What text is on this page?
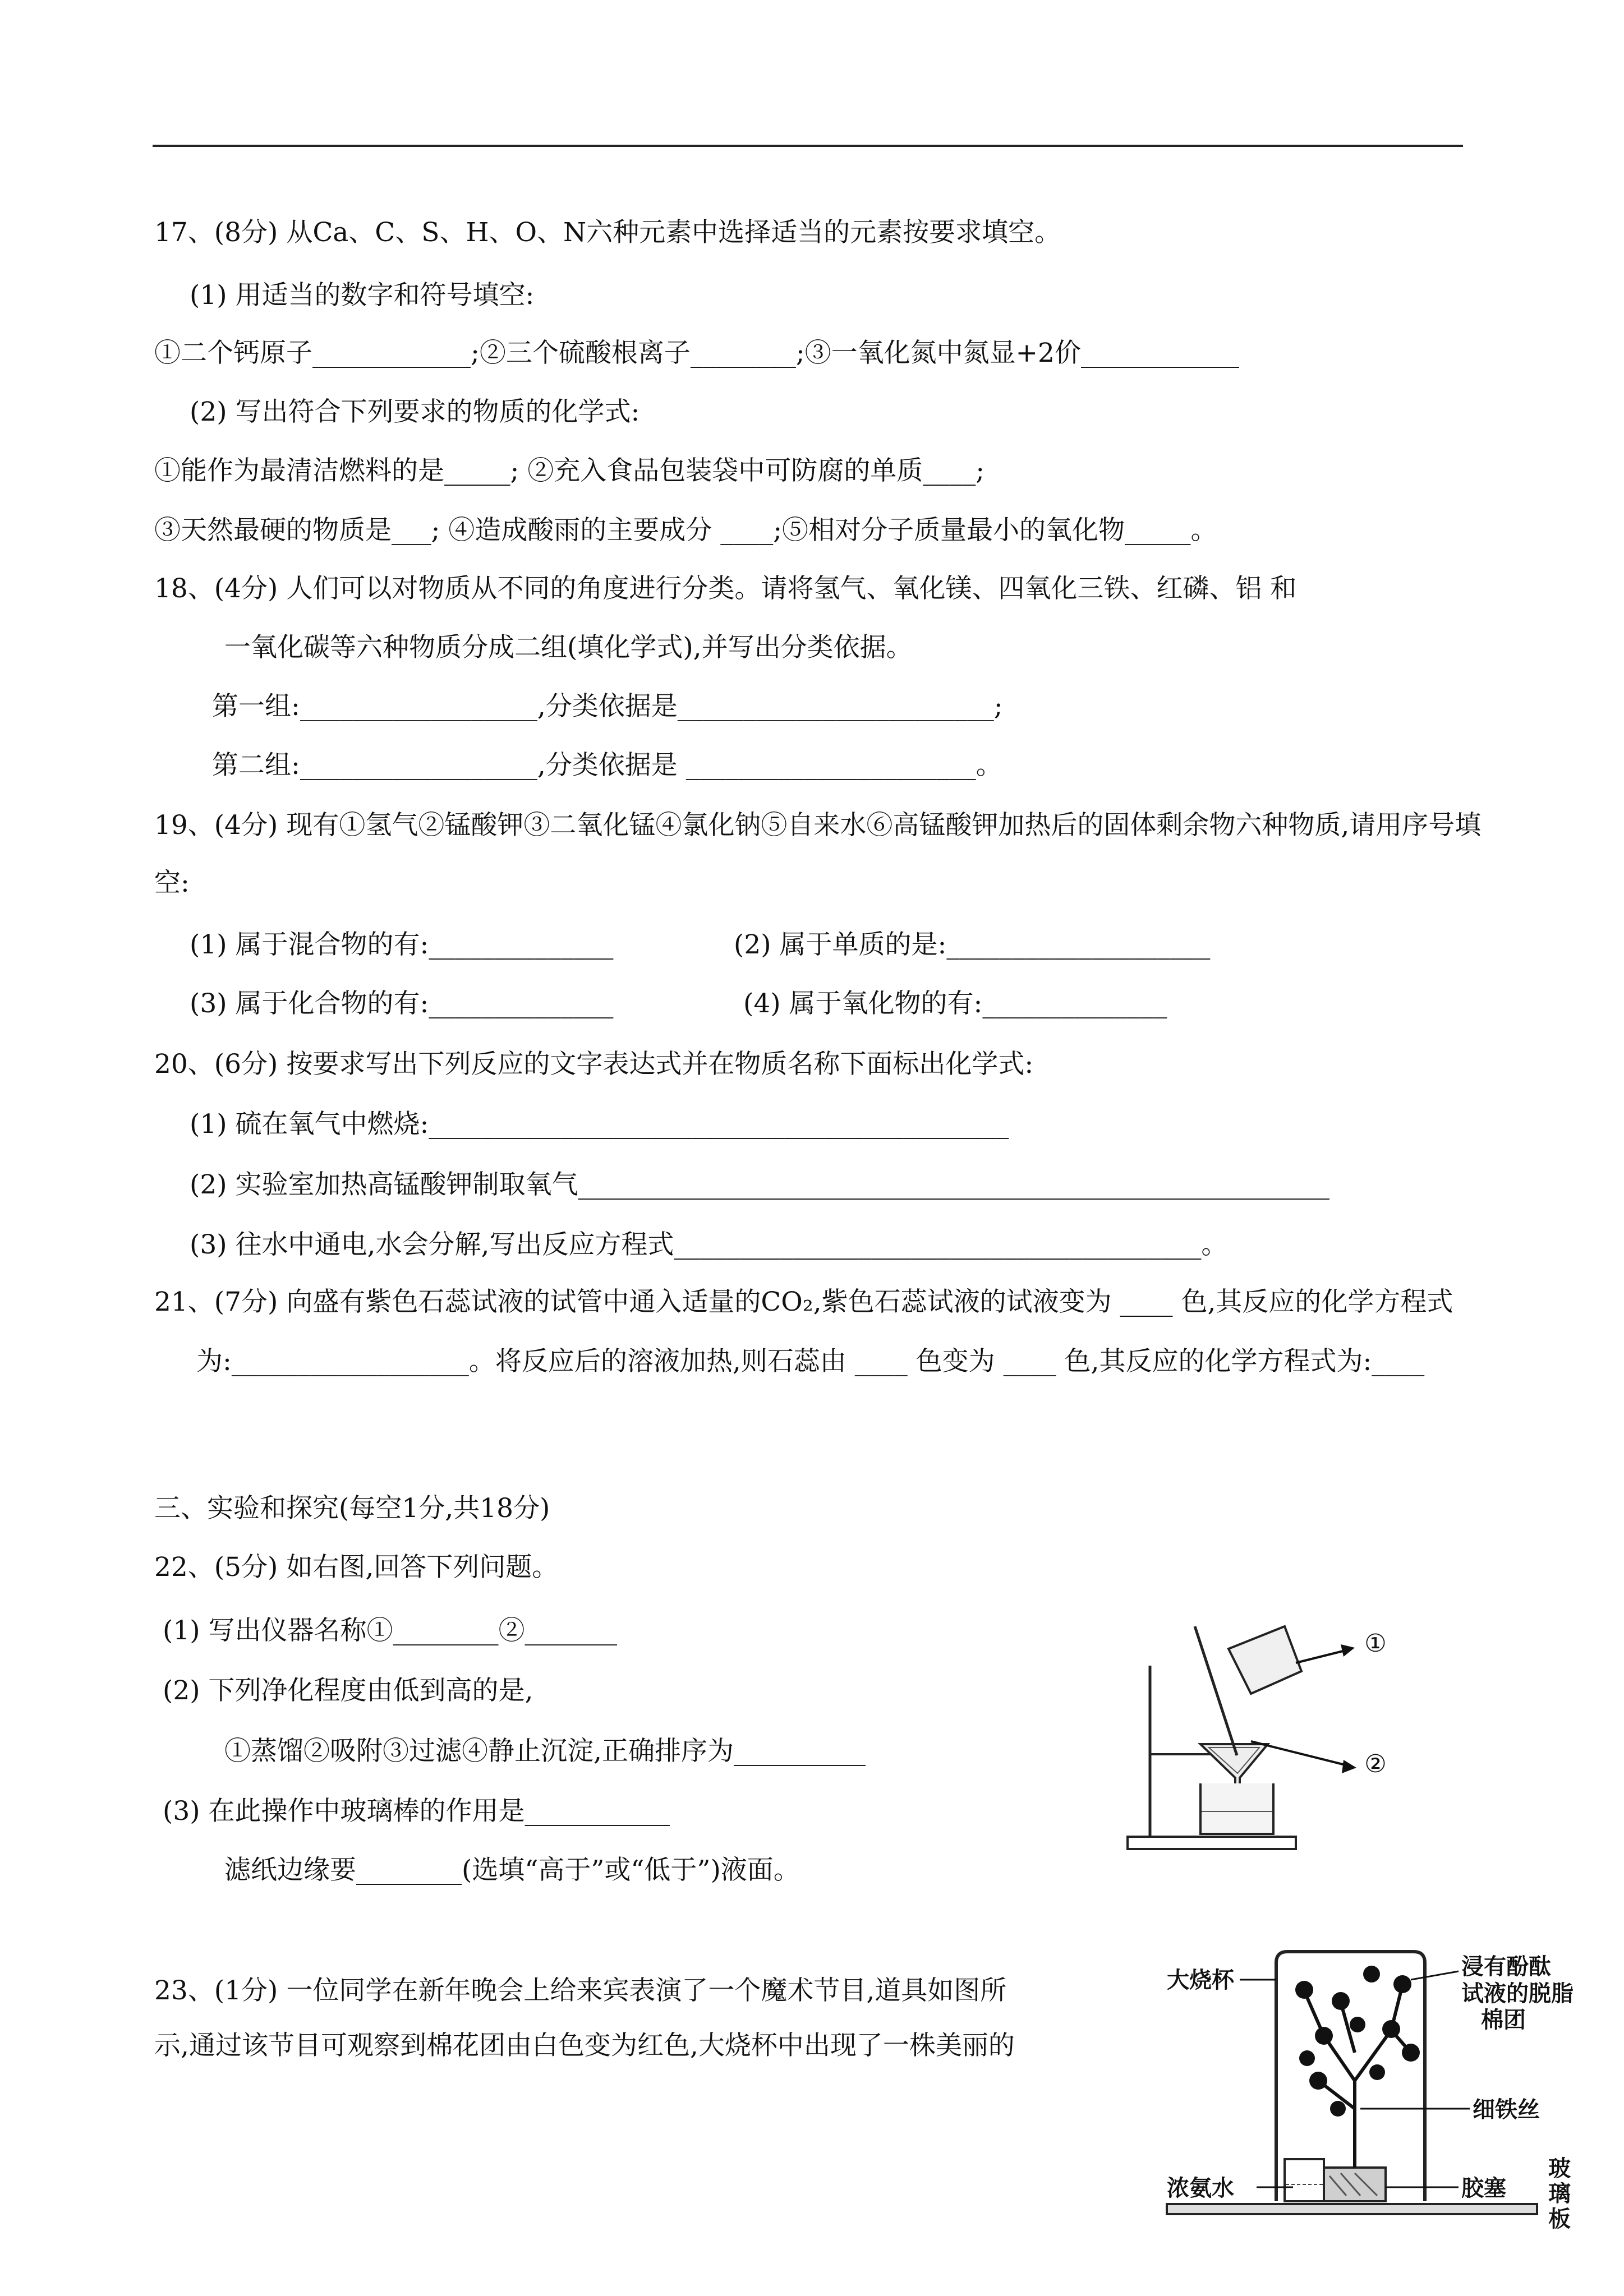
17、(8分) 从Ca、C、S、H、O、N六种元素中选择适当的元素按要求填空。
(1) 用适当的数字和符号填空:
①二个钙原子____________;②三个硫酸根离子________;③一氧化氮中氮显+2价____________
(2) 写出符合下列要求的物质的化学式:
①能作为最清洁燃料的是_____; ②充入食品包装袋中可防腐的单质____;
③天然最硬的物质是___; ④造成酸雨的主要成分 ____;⑤相对分子质量最小的氧化物_____。
18、(4分) 人们可以对物质从不同的角度进行分类。请将氢气、氧化镁、四氧化三铁、红磷、铝 和
一氧化碳等六种物质分成二组(填化学式),并写出分类依据。
第一组:__________________,分类依据是________________________;
第二组:__________________,分类依据是 ______________________。
19、(4分) 现有①氢气②锰酸钾③二氧化锰④氯化钠⑤自来水⑥高锰酸钾加热后的固体剩余物六种物质,请用序号填
空:
(1) 属于混合物的有:______________	(2) 属于单质的是:____________________
(3) 属于化合物的有:______________	(4) 属于氧化物的有:______________
20、(6分) 按要求写出下列反应的文字表达式并在物质名称下面标出化学式:
(1) 硫在氧气中燃烧:____________________________________________
(2) 实验室加热高锰酸钾制取氧气_________________________________________________________
(3) 往水中通电,水会分解,写出反应方程式________________________________________。
21、(7分) 向盛有紫色石蕊试液的试管中通入适量的CO₂,紫色石蕊试液的试液变为 ____ 色,其反应的化学方程式
为:__________________。将反应后的溶液加热,则石蕊由 ____ 色变为 ____ 色,其反应的化学方程式为:____
三、实验和探究(每空1分,共18分)
22、(5分) 如右图,回答下列问题。
(1) 写出仪器名称①________②_______
(2) 下列净化程度由低到高的是,
①蒸馏②吸附③过滤④静止沉淀,正确排序为__________
(3) 在此操作中玻璃棒的作用是___________
滤纸边缘要________(选填“高于”或“低于”)液面。
23、(1分) 一位同学在新年晚会上给来宾表演了一个魔术节目,道具如图所
示,通过该节目可观察到棉花团由白色变为红色,大烧杯中出现了一株美丽的
①
②
大烧杯
浸有酚酞
试液的脱脂
棉团
细铁丝
浓氨水	胶塞
玻
璃
板
